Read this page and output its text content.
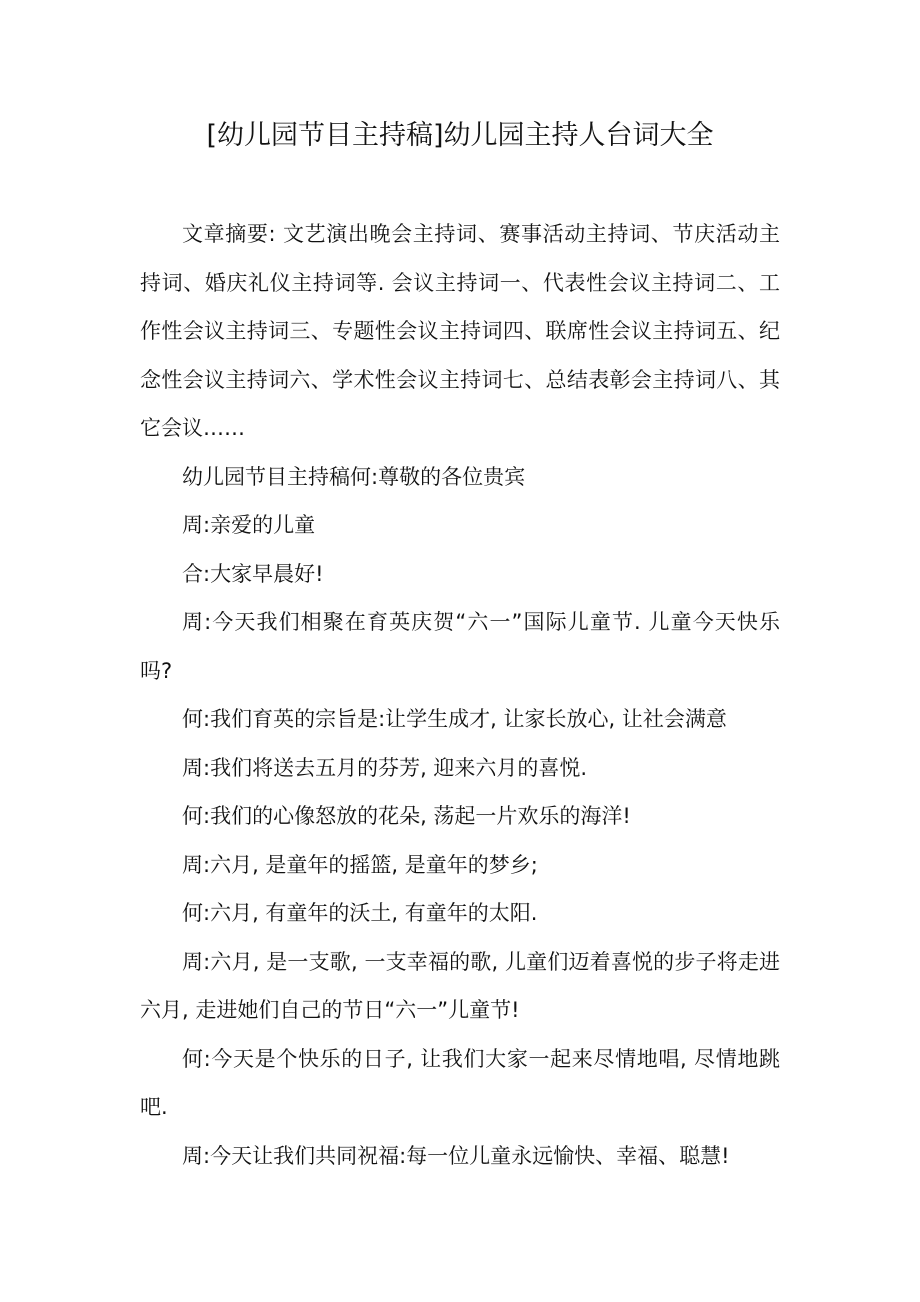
[幼儿园节目主持稿]幼儿园主持人台词大全

文章摘要: 文艺演出晚会主持词、赛事活动主持词、节庆活动主持词、婚庆礼仪主持词等. 会议主持词一、代表性会议主持词二、工作性会议主持词三、专题性会议主持词四、联席性会议主持词五、纪念性会议主持词六、学术性会议主持词七、总结表彰会主持词八、其它会议……

幼儿园节目主持稿何:尊敬的各位贵宾

周:亲爱的儿童

合:大家早晨好!

周:今天我们相聚在育英庆贺“六一”国际儿童节. 儿童今天快乐吗?

何:我们育英的宗旨是:让学生成才, 让家长放心, 让社会满意

周:我们将送去五月的芬芳, 迎来六月的喜悦.

何:我们的心像怒放的花朵, 荡起一片欢乐的海洋!

周:六月, 是童年的摇篮, 是童年的梦乡;

何:六月, 有童年的沃土, 有童年的太阳.

周:六月, 是一支歌, 一支幸福的歌, 儿童们迈着喜悦的步子将走进六月, 走进她们自己的节日“六一”儿童节!

何:今天是个快乐的日子, 让我们大家一起来尽情地唱, 尽情地跳吧.

周:今天让我们共同祝福:每一位儿童永远愉快、幸福、聪慧!
